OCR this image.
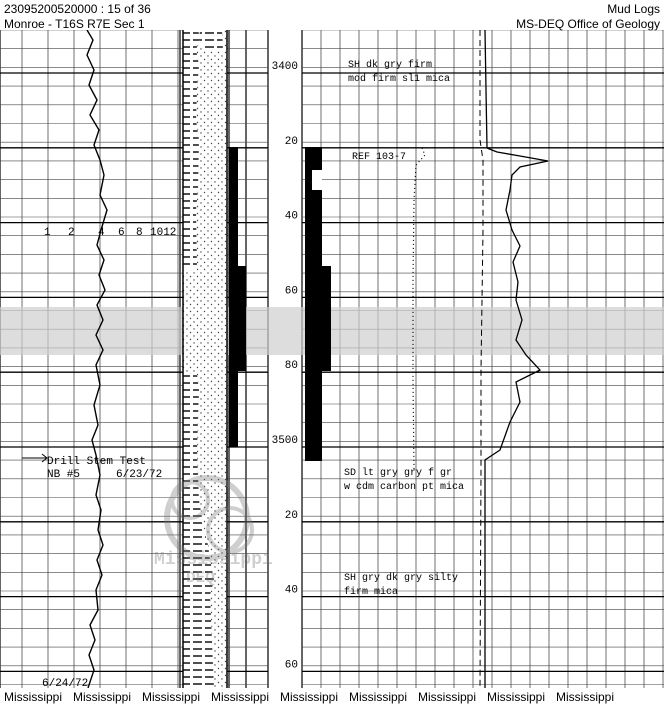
23095200520000 : 15 of 36
Monroe - T16S R7E Sec 1
Mud Logs
MS-DEQ Office of Geology
3400
20
40
60
80
3500
20
40
60
1 2 4 6 8 1012
Drill Stem Test
NB #5	6/23/72
6/24/72
REF 103-7
SH dk gry firm
mod firm sl1 mica
SD lt gry gry f gr
w cdm carbon pt mica
SH gry dk gry silty
firm mica
Mississippi
DEQ
Mississippi Mississippi Mississippi Mississippi Mississippi Mississippi Mississippi Mississippi Mississippi
